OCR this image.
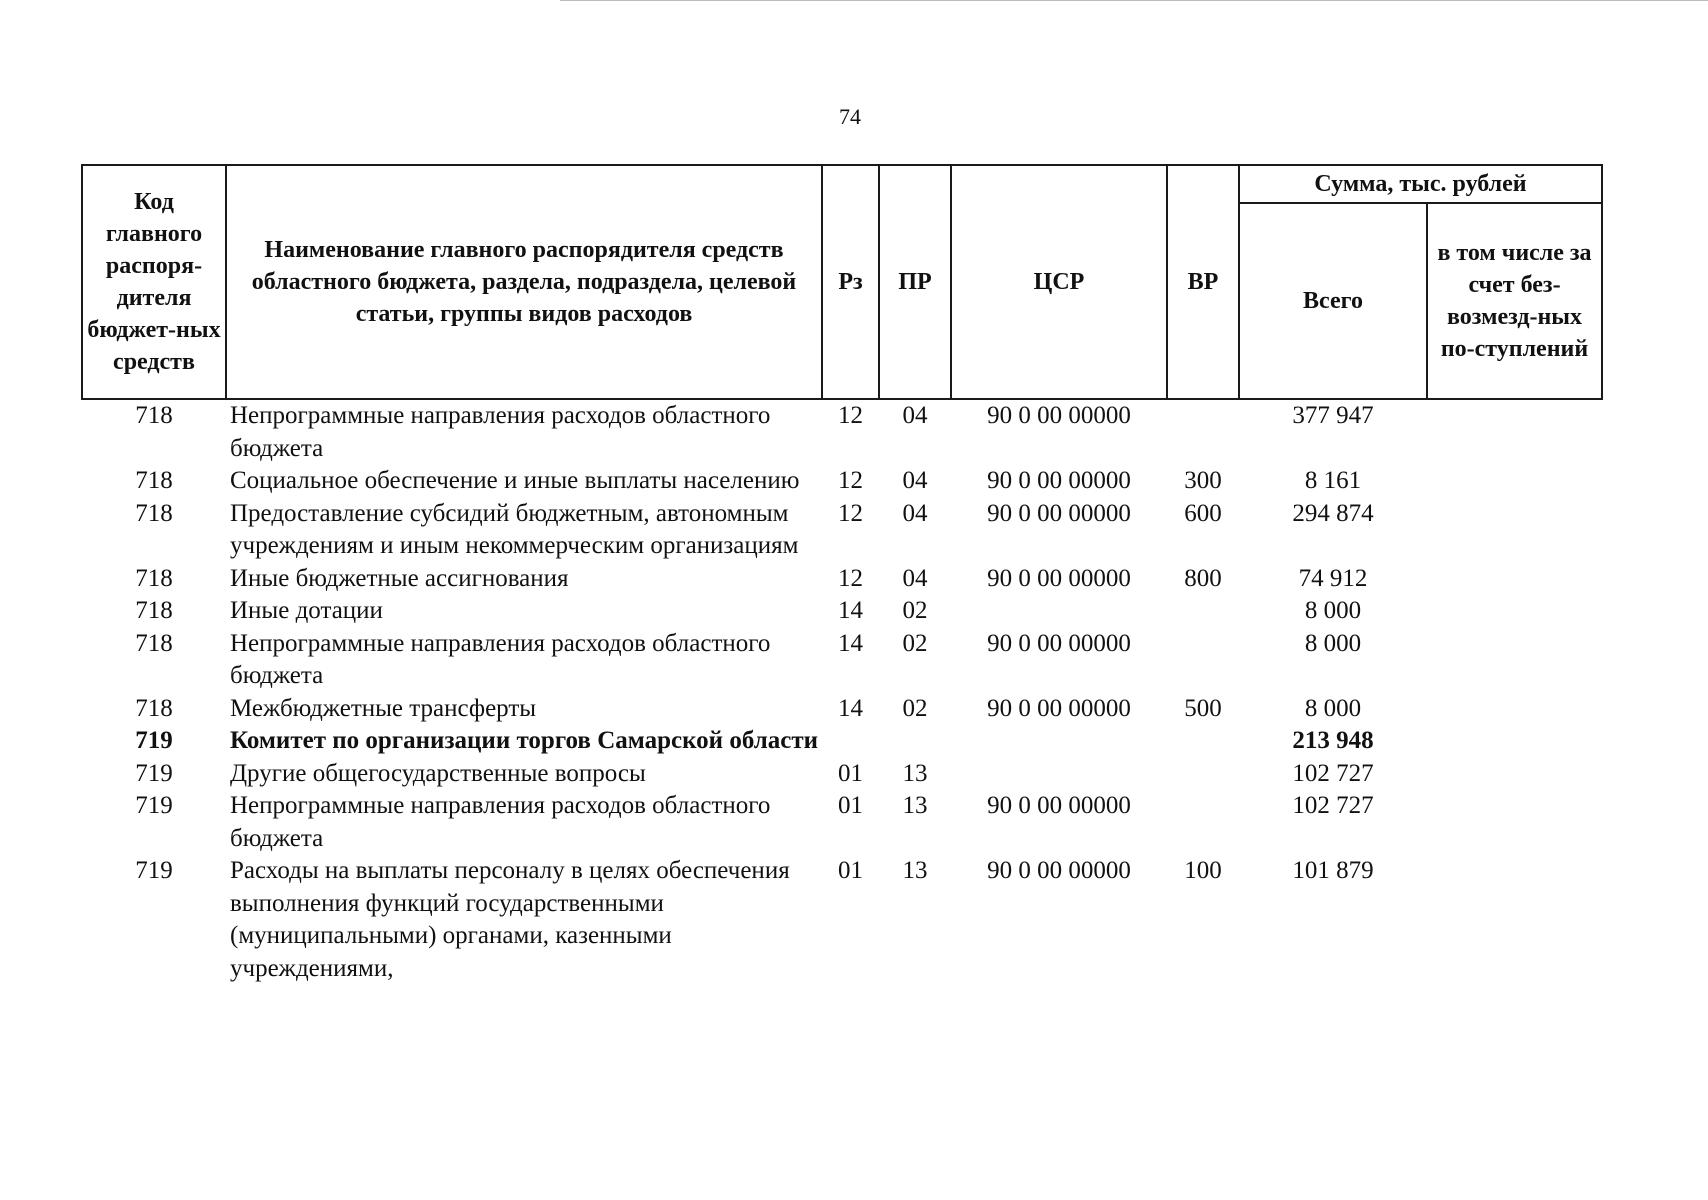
74
Код главного распоря-дителя бюджет-ных средств	Наименование главного распорядителя средств областного бюджета, раздела, подраздела, целевой статьи, группы видов расходов	Рз	ПР	ЦСР	ВР	Сумма, тыс. рублей	
						Всего	в том числе за счет без-возмезд-ных по-ступлений
718	Непрограммные направления расходов областного бюджета	12	04	90 0 00 00000		377 947	
718	Социальное обеспечение и иные выплаты населению	12	04	90 0 00 00000	300	8 161	
718	Предоставление субсидий бюджетным, автономным учреждениям и иным некоммерческим организациям	12	04	90 0 00 00000	600	294 874	
718	Иные бюджетные ассигнования	12	04	90 0 00 00000	800	74 912	
718	Иные дотации	14	02			8 000	
718	Непрограммные направления расходов областного бюджета	14	02	90 0 00 00000		8 000	
718	Межбюджетные трансферты	14	02	90 0 00 00000	500	8 000	
719	Комитет по организации торгов Самарской области					213 948	
719	Другие общегосударственные вопросы	01	13			102 727	
719	Непрограммные направления расходов областного бюджета	01	13	90 0 00 00000		102 727	
719	Расходы на выплаты персоналу в целях обеспечения выполнения функций государственными (муниципальными) органами, казенными учреждениями,	01	13	90 0 00 00000	100	101 879	
